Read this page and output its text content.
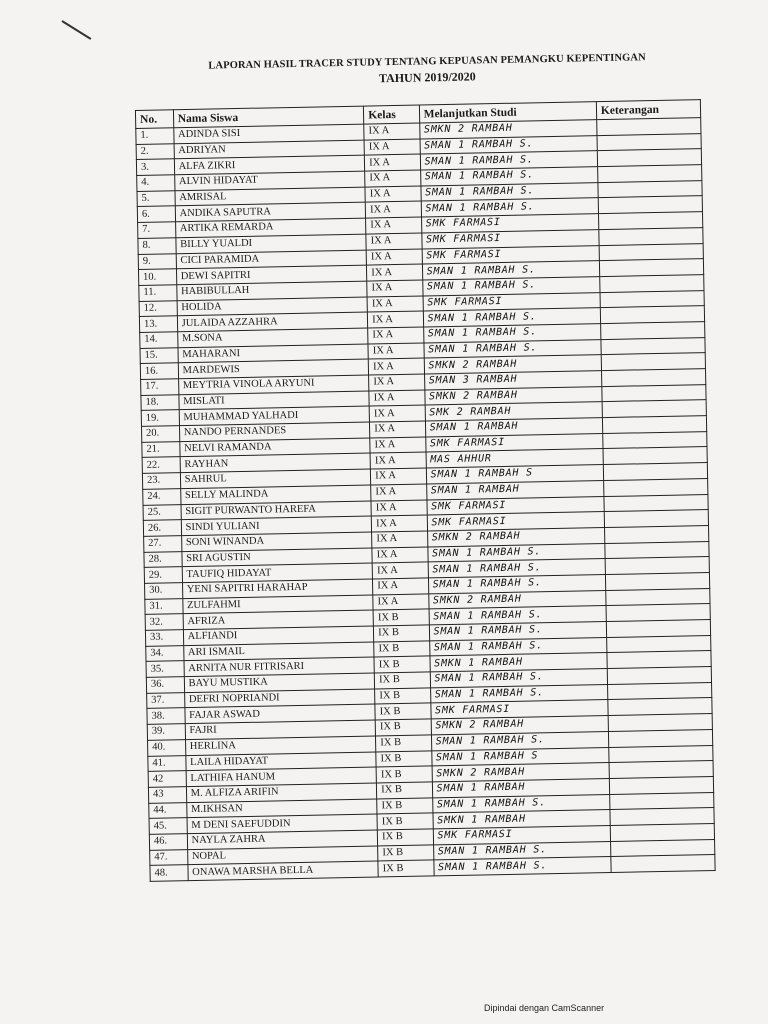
LAPORAN HASIL TRACER STUDY TENTANG KEPUASAN PEMANGKU KEPENTINGAN
TAHUN 2019/2020
No.	Nama Siswa	Kelas	Melanjutkan Studi	Keterangan
1.	ADINDA SISI	IX A	SMKN 2 RAMBAH	
2.	ADRIYAN	IX A	SMAN 1 RAMBAH S.	
3.	ALFA ZIKRI	IX A	SMAN 1 RAMBAH S.	
4.	ALVIN HIDAYAT	IX A	SMAN 1 RAMBAH S.	
5.	AMRISAL	IX A	SMAN 1 RAMBAH S.	
6.	ANDIKA SAPUTRA	IX A	SMAN 1 RAMBAH S.	
7.	ARTIKA REMARDA	IX A	SMK FARMASI	
8.	BILLY YUALDI	IX A	SMK FARMASI	
9.	CICI PARAMIDA	IX A	SMK FARMASI	
10.	DEWI SAPITRI	IX A	SMAN 1 RAMBAH S.	
11.	HABIBULLAH	IX A	SMAN 1 RAMBAH S.	
12.	HOLIDA	IX A	SMK FARMASI	
13.	JULAIDA AZZAHRA	IX A	SMAN 1 RAMBAH S.	
14.	M.SONA	IX A	SMAN 1 RAMBAH S.	
15.	MAHARANI	IX A	SMAN 1 RAMBAH S.	
16.	MARDEWIS	IX A	SMKN 2 RAMBAH	
17.	MEYTRIA VINOLA ARYUNI	IX A	SMAN 3 RAMBAH	
18.	MISLATI	IX A	SMKN 2 RAMBAH	
19.	MUHAMMAD YALHADI	IX A	SMK 2 RAMBAH	
20.	NANDO PERNANDES	IX A	SMAN 1 RAMBAH	
21.	NELVI RAMANDA	IX A	SMK FARMASI	
22.	RAYHAN	IX A	MAS AHHUR	
23.	SAHRUL	IX A	SMAN 1 RAMBAH S	
24.	SELLY MALINDA	IX A	SMAN 1 RAMBAH	
25.	SIGIT PURWANTO HAREFA	IX A	SMK FARMASI	
26.	SINDI YULIANI	IX A	SMK FARMASI	
27.	SONI WINANDA	IX A	SMKN 2 RAMBAH	
28.	SRI AGUSTIN	IX A	SMAN 1 RAMBAH S.	
29.	TAUFIQ HIDAYAT	IX A	SMAN 1 RAMBAH S.	
30.	YENI SAPITRI HARAHAP	IX A	SMAN 1 RAMBAH S.	
31.	ZULFAHMI	IX A	SMKN 2 RAMBAH	
32.	AFRIZA	IX B	SMAN 1 RAMBAH S.	
33.	ALFIANDI	IX B	SMAN 1 RAMBAH S.	
34.	ARI ISMAIL	IX B	SMAN 1 RAMBAH S.	
35.	ARNITA NUR FITRISARI	IX B	SMKN 1 RAMBAH	
36.	BAYU MUSTIKA	IX B	SMAN 1 RAMBAH S.	
37.	DEFRI NOPRIANDI	IX B	SMAN 1 RAMBAH S.	
38.	FAJAR ASWAD	IX B	SMK FARMASI	
39.	FAJRI	IX B	SMKN 2 RAMBAH	
40.	HERLINA	IX B	SMAN 1 RAMBAH S.	
41.	LAILA HIDAYAT	IX B	SMAN 1 RAMBAH S	
42	LATHIFA HANUM	IX B	SMKN 2 RAMBAH	
43	M. ALFIZA ARIFIN	IX B	SMAN 1 RAMBAH	
44.	M.IKHSAN	IX B	SMAN 1 RAMBAH S.	
45.	M DENI SAEFUDDIN	IX B	SMKN 1 RAMBAH	
46.	NAYLA ZAHRA	IX B	SMK FARMASI	
47.	NOPAL	IX B	SMAN 1 RAMBAH S.	
48.	ONAWA MARSHA BELLA	IX B	SMAN 1 RAMBAH S.	
Dipindai dengan CamScanner
